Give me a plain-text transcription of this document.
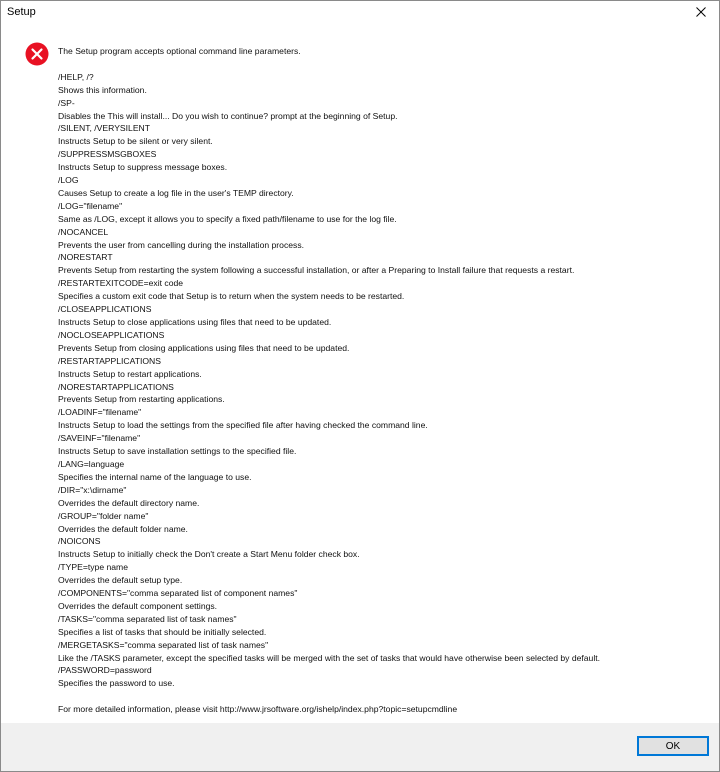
Setup
The Setup program accepts optional command line parameters.
/HELP, /?
Shows this information.
/SP-
Disables the This will install... Do you wish to continue? prompt at the beginning of Setup.
/SILENT, /VERYSILENT
Instructs Setup to be silent or very silent.
/SUPPRESSMSGBOXES
Instructs Setup to suppress message boxes.
/LOG
Causes Setup to create a log file in the user's TEMP directory.
/LOG="filename"
Same as /LOG, except it allows you to specify a fixed path/filename to use for the log file.
/NOCANCEL
Prevents the user from cancelling during the installation process.
/NORESTART
Prevents Setup from restarting the system following a successful installation, or after a Preparing to Install failure that requests a restart.
/RESTARTEXITCODE=exit code
Specifies a custom exit code that Setup is to return when the system needs to be restarted.
/CLOSEAPPLICATIONS
Instructs Setup to close applications using files that need to be updated.
/NOCLOSEAPPLICATIONS
Prevents Setup from closing applications using files that need to be updated.
/RESTARTAPPLICATIONS
Instructs Setup to restart applications.
/NORESTARTAPPLICATIONS
Prevents Setup from restarting applications.
/LOADINF="filename"
Instructs Setup to load the settings from the specified file after having checked the command line.
/SAVEINF="filename"
Instructs Setup to save installation settings to the specified file.
/LANG=language
Specifies the internal name of the language to use.
/DIR="x:\dirname"
Overrides the default directory name.
/GROUP="folder name"
Overrides the default folder name.
/NOICONS
Instructs Setup to initially check the Don't create a Start Menu folder check box.
/TYPE=type name
Overrides the default setup type.
/COMPONENTS="comma separated list of component names"
Overrides the default component settings.
/TASKS="comma separated list of task names"
Specifies a list of tasks that should be initially selected.
/MERGETASKS="comma separated list of task names"
Like the /TASKS parameter, except the specified tasks will be merged with the set of tasks that would have otherwise been selected by default.
/PASSWORD=password
Specifies the password to use.
For more detailed information, please visit http://www.jrsoftware.org/ishelp/index.php?topic=setupcmdline
OK
